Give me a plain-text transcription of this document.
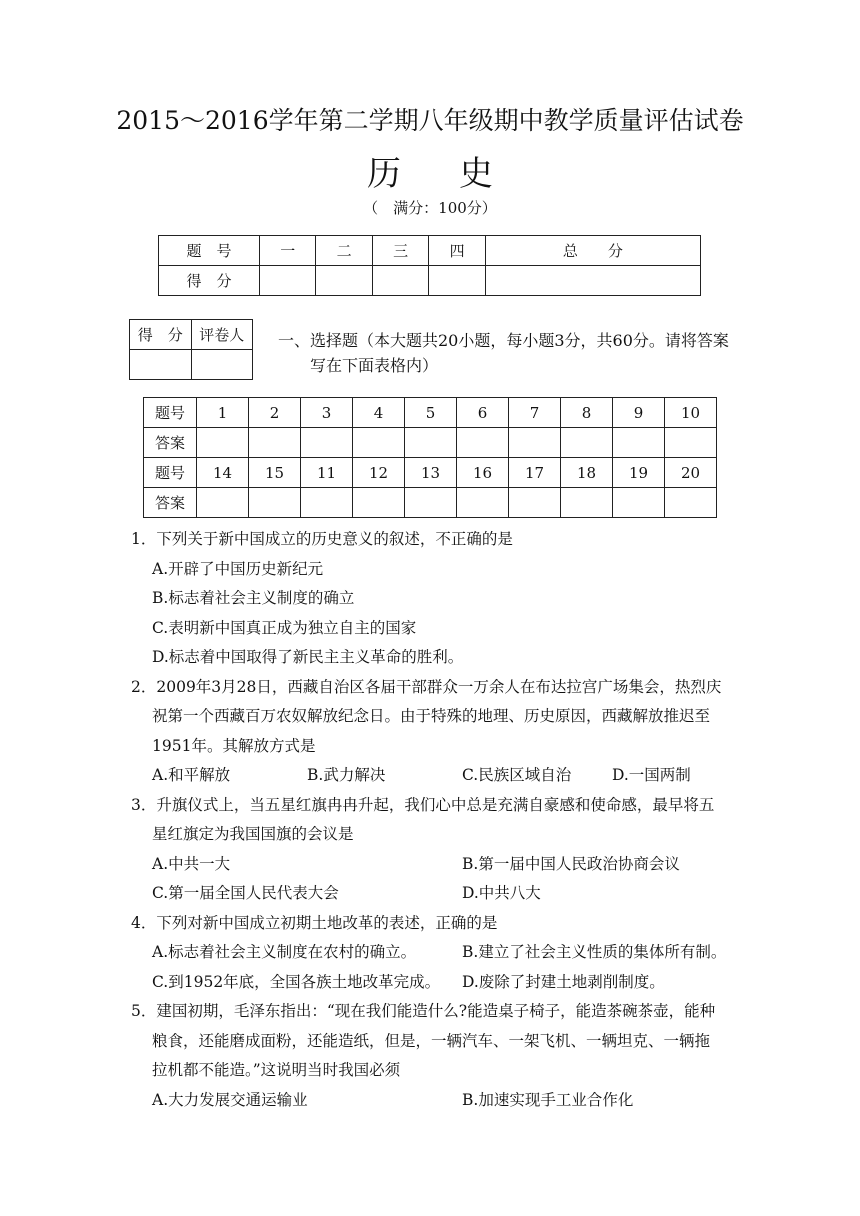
2015～2016学年第二学期八年级期中教学质量评估试卷
历 史
（　满分：100分）
题　号	一	二	三	四	总　　分
得　分					
得　分	评卷人
	一、选择题（本大题共20小题，每小题3分，共60分。请将答案
写在下面表格内）
题号	1	2	3	4	5	6	7	8	9	10
答案										
题号	14	15	11	12	13	16	17	18	19	20
答案										
1．下列关于新中国成立的历史意义的叙述，不正确的是
A.开辟了中国历史新纪元
B.标志着社会主义制度的确立
C.表明新中国真正成为独立自主的国家
D.标志着中国取得了新民主主义革命的胜利。
2．2009年3月28日，西藏自治区各届干部群众一万余人在布达拉宫广场集会，热烈庆
祝第一个西藏百万农奴解放纪念日。由于特殊的地理、历史原因，西藏解放推迟至
1951年。其解放方式是
A.和平解放	B.武力解决	C.民族区域自治	D.一国两制
3．升旗仪式上，当五星红旗冉冉升起，我们心中总是充满自豪感和使命感，最早将五
星红旗定为我国国旗的会议是
A.中共一大	B.第一届中国人民政治协商会议
C.第一届全国人民代表大会	D.中共八大
4．下列对新中国成立初期土地改革的表述，正确的是
A.标志着社会主义制度在农村的确立。	B.建立了社会主义性质的集体所有制。
C.到1952年底，全国各族土地改革完成。	D.废除了封建土地剥削制度。
5．建国初期，毛泽东指出：“现在我们能造什么?能造桌子椅子，能造茶碗茶壶，能种
粮食，还能磨成面粉，还能造纸，但是，一辆汽车、一架飞机、一辆坦克、一辆拖
拉机都不能造。”这说明当时我国必须
A.大力发展交通运输业	B.加速实现手工业合作化
